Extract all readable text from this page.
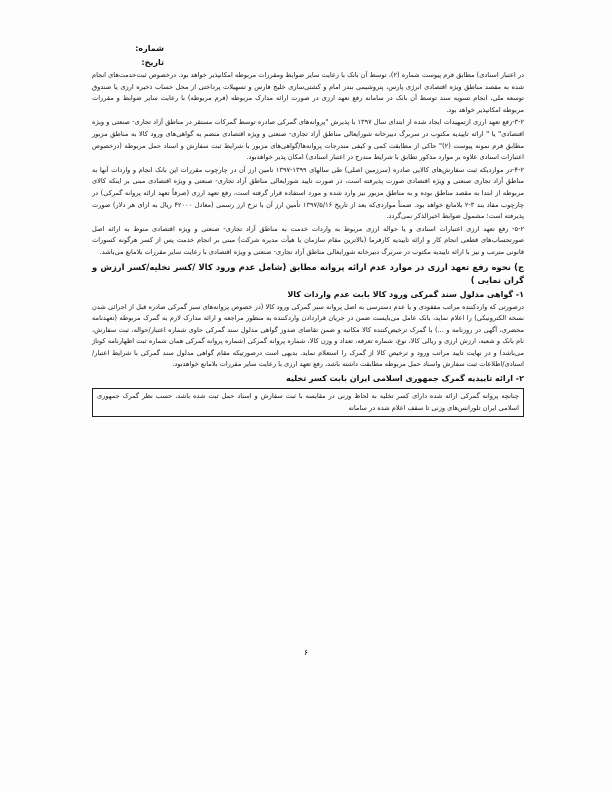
شماره:
تاریخ:

در اعتبار اسنادی) مطابق فرم پیوست شماره (۲)، توسط آن بانک با رعایت سایر ضوابط ومقررات مربوطه امکانپذیر خواهد بود. درخصوص ثبت‌خدمت‌های انجام شده به مقصد مناطق ویژه اقتصادی انرژی پارس، پتروشیمی بندر امام و کشتی‌سازی خلیج فارس و تسهیلات پرداختی از محل حساب ذخیره ارزی یا صندوق توسعه ملی، انجام تسویه سند توسط آن بانک در سامانه رفع تعهد ارزی در صورت ارائه مدارک مربوطه (فرم مربوطه) با رعایت سایر ضوابط و مقررات مربوطه امکانپذیر خواهد بود.

۳-۲-رفع تعهد ارزی ازتمهیدات ایجاد شده از ابتدای سال ۱۳۹۷ با پذیرش "پروانه‌های گمرکی صادره توسط گمرکات مستقر در مناطق آزاد تجاری- صنعتی و ویژه اقتصادی" یا " ارائه تاییدیه مکتوب در سربرگ دبیرخانه شورایعالی مناطق آزاد تجاری- صنعتی و ویژه اقتصادی منضم به گواهی‌های ورود کالا به مناطق مزبور مطابق فرم نمونه پیوست (۲)" حاکی از مطابقت کمی و کیفی مندرجات پروانه‌ها/گواهی‌های مزبور با شرایط ثبت سفارش و اسناد حمل مربوطه (درخصوص اعتبارات اسنادی علاوه بر موارد مذکور تطابق با شرایط مندرج در اعتبار اسنادی) امکان پذیر خواهدبود.

۴-۲-در مواردیکه ثبت سفارش‌های کالایی صادره (سرزمین اصلی) طی سالهای ۱۳۹۹-۱۳۹۷ تامین ارز آن در چارچوب مقررات این بانک انجام و واردات آنها به مناطق آزاد تجاری صنعتی و ویژه اقتصادی صورت پذیرفته است، در صورت تایید شورایعالی مناطق آزاد تجاری- صنعتی و ویژه اقتصادی مبنی بر اینکه کالای مربوطه از ابتدا به مقصد مناطق بوده و به مناطق مزبور نیز وارد شده و مورد استفاده قرار گرفته است، رفع تعهد ارزی (صرفاً تعهد ارائه پروانه گمرکی) در چارچوب مفاد بند ۳-۲ بلامانع خواهد بود. ضمناً مواردی‌که بعد از تاریخ ۱۳۹۷/۵/۱۶ تأمین ارز آن با نرخ ارز رسمی (معادل ۴۲۰۰۰ ریال به ازای هر دلار) صورت پذیرفته است؛ مشمول ضوابط اخیرالذکر نمی‌گردد.

۵-۲- رفع تعهد ارزی اعتبارات اسنادی و یا حواله ارزی مربوط به واردات خدمت به مناطق آزاد تجاری- صنعتی و ویژه اقتصادی منوط به ارائه اصل صورتحساب‌های قطعی انجام کار و ارائه تاییدیه کارفرما (بالاترین مقام سازمان یا هیأت مدیره شرکت) مبنی بر انجام خدمت پس از کسر هرگونه کسورات قانونی مترتب و نیز با ارائه تاییدیه مکتوب در سربرگ دبیرخانه شورایعالی مناطق آزاد تجاری- صنعتی و ویژه اقتصادی با رعایت سایر مقررات بلامانع می‌باشد.

ج) نحوه رفع تعهد ارزی در موارد عدم ارائه پروانه مطابق (شامل عدم ورود کالا /کسر تخلیه/کسر ارزش و گران نمایی )
۱- گواهی مدلول سند گمرکی ورود کالا بابت عدم واردات کالا

درصورتی که واردکننده مراتب مفقودی و یا عدم دسترسی به اصل پروانه سبز گمرکی ورود کالا (در خصوص پروانه‌های سبز گمرکی صادره قبل از اجرائی شدن نسخه الکترونیکی) را اعلام نماید، بانک عامل می‌بایست ضمن در جریان قراردادن واردکننده به منظور مراجعه و ارائه مدارک لازم به گمرک مربوطه (تعهدنامه محضری، آگهی در روزنامه و ...) با گمرک ترخیص‌کننده کالا مکاتبه و ضمن تقاضای صدور گواهی مدلول سند گمرکی حاوی شماره اعتبار/حواله، ثبت سفارش، نام بانک و شعبه، ارزش ارزی و ریالی کالا، نوع، شماره تعرفه، تعداد و وزن کالا، شماره پروانه گمرکی (شماره پروانه گمرکی همان شماره ثبت اظهارنامه کوتاژ می‌باشد) و در نهایت تایید مراتب ورود و ترخیص کالا از گمرک را استعلام نماید. بدیهی است درصورتیکه مقام گواهی مدلول سند گمرکی با شرایط اعتبار/اسنادی/اطلاعات ثبت سفارش واسناد حمل مربوطه مطابقت داشته باشد، رفع تعهد ارزی با رعایت سایر مقررات بلامانع خواهدبود.

۲- ارائه تاییدیه گمرک جمهوری اسلامی ایران بابت کسر تخلیه
چنانچه پروانه گمرکی ارائه شده دارای کسر تخلیه به لحاظ وزنی در مقایسه با ثبت سفارش و اسناد حمل ثبت شده باشد، حسب نظر گمرک جمهوری اسلامی ایران تلورانس‌های وزنی تا سقف اعلام شده در سامانه
۶
